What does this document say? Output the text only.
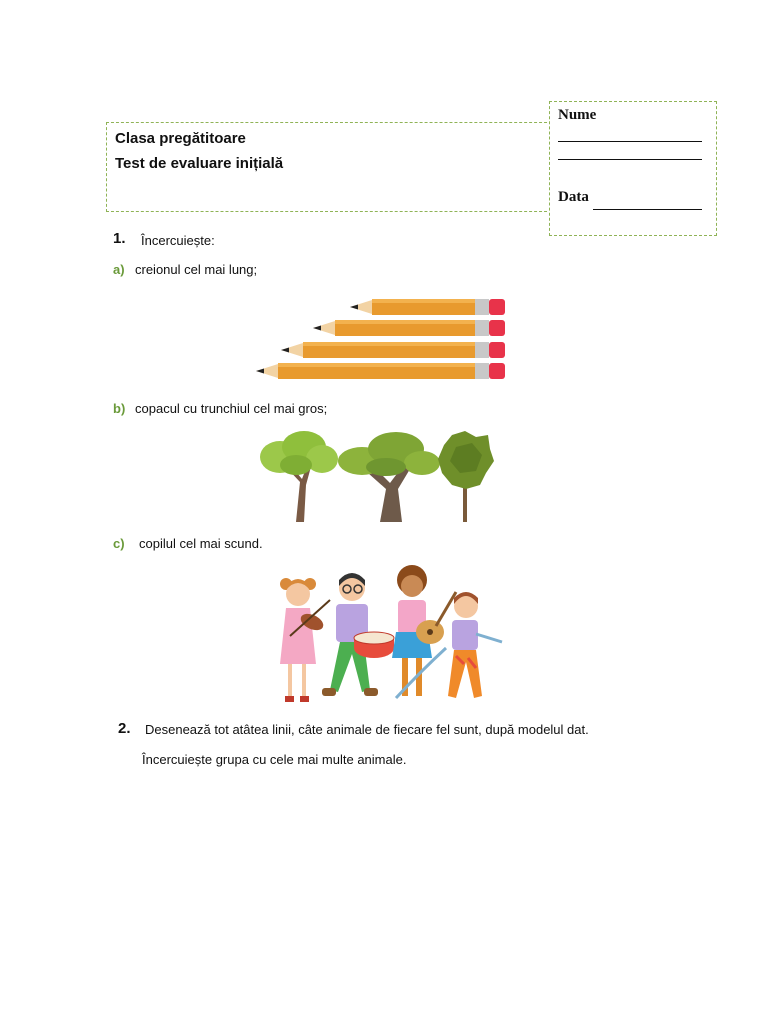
Clasa pregătitoare
Test de evaluare inițială
Nume
Data
1. Încercuiește:
a) creionul cel mai lung;
b) copacul cu trunchiul cel mai gros;
c) copilul cel mai scund.
2. Desenează tot atâtea linii, câte animale de fiecare fel sunt, după modelul dat.
Încercuiește grupa cu cele mai multe animale.
